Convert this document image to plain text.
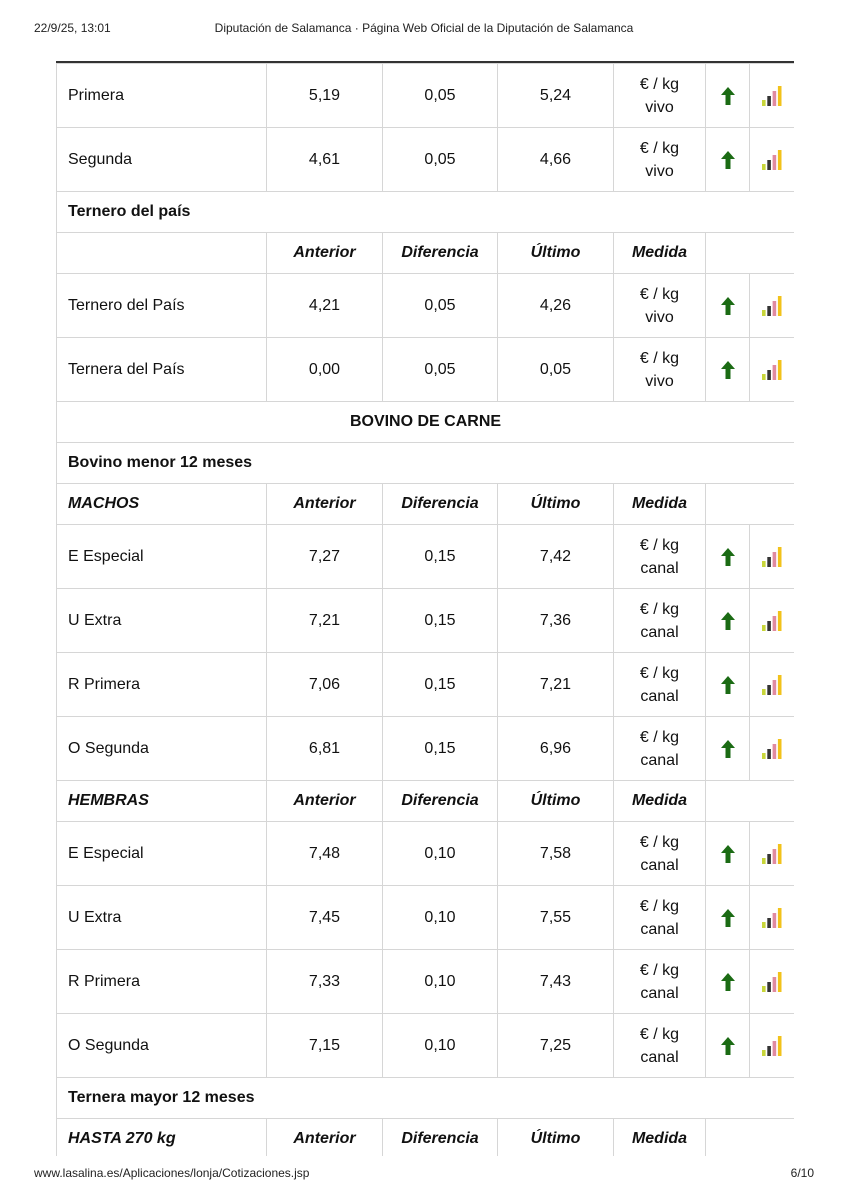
22/9/25, 13:01	Diputación de Salamanca · Página Web Oficial de la Diputación de Salamanca
Primera	5,19	0,05	5,24	€ / kg
vivo

Segunda	4,61	0,05	4,66	€ / kg
vivo

Ternero del país						
	Anterior	Diferencia	Último	Medida		
Ternero del País	4,21	0,05	4,26	€ / kg
vivo

Ternera del País	0,00	0,05	0,05	€ / kg
vivo

BOVINO DE CARNE						
Bovino menor 12 meses						
MACHOS	Anterior	Diferencia	Último	Medida		
E Especial	7,27	0,15	7,42	€ / kg
canal

U Extra	7,21	0,15	7,36	€ / kg
canal

R Primera	7,06	0,15	7,21	€ / kg
canal

O Segunda	6,81	0,15	6,96	€ / kg
canal

HEMBRAS	Anterior	Diferencia	Último	Medida		
E Especial	7,48	0,10	7,58	€ / kg
canal

U Extra	7,45	0,10	7,55	€ / kg
canal

R Primera	7,33	0,10	7,43	€ / kg
canal

O Segunda	7,15	0,10	7,25	€ / kg
canal

Ternera mayor 12 meses						
HASTA 270 kg	Anterior	Diferencia	Último	Medida		
www.lasalina.es/Aplicaciones/lonja/Cotizaciones.jsp	6/10
